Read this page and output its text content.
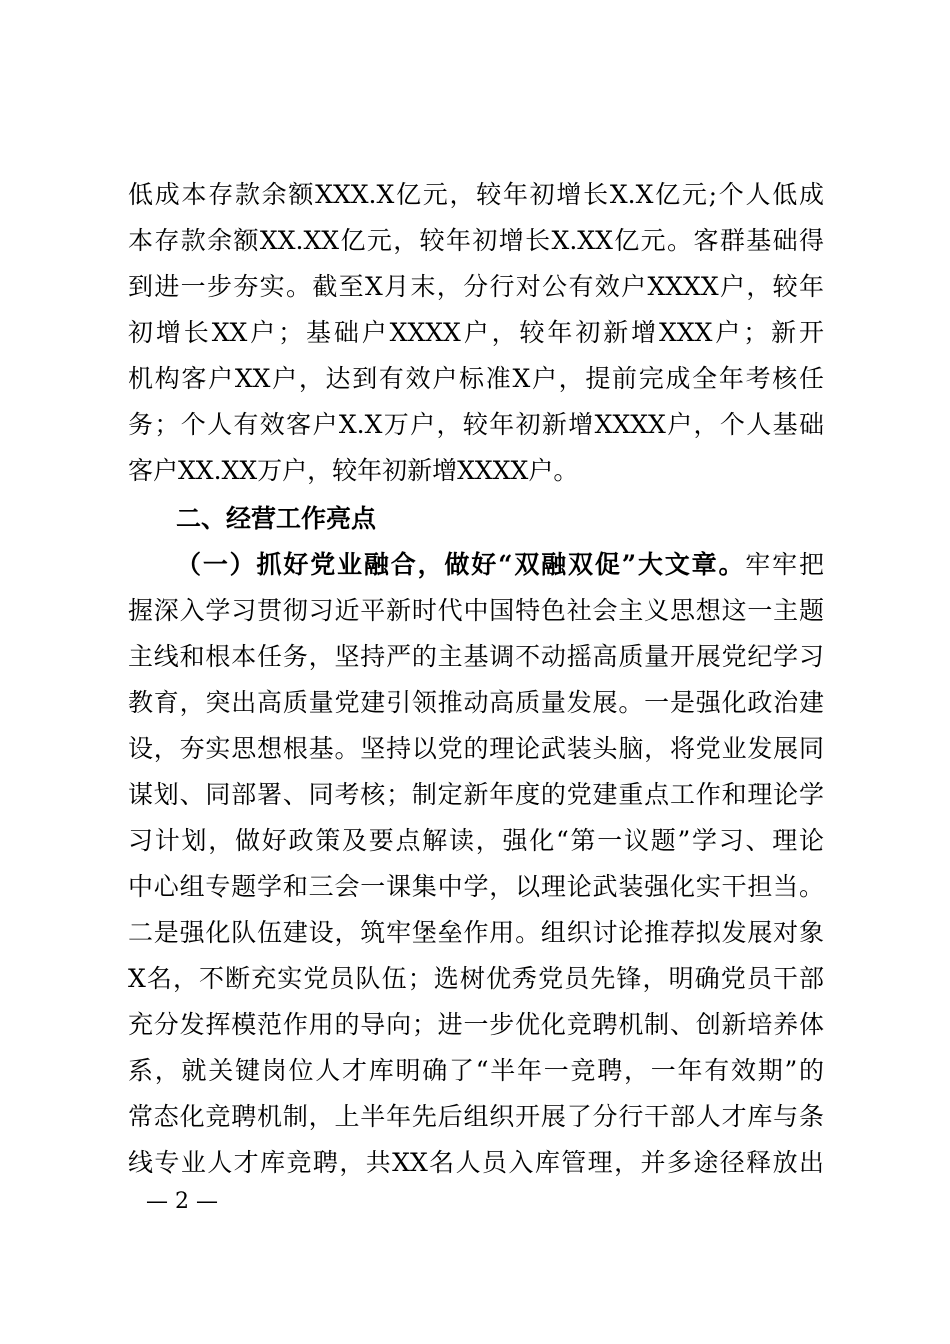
低成本存款余额XXX.X亿元，较年初增长X.X亿元;个人低成
本存款余额XX.XX亿元，较年初增长X.XX亿元。客群基础得
到进一步夯实。截至X月末，分行对公有效户XXXX户，较年
初增长XX户；基础户XXXX户，较年初新增XXX户；新开
机构客户XX户，达到有效户标准X户，提前完成全年考核任
务；个人有效客户X.X万户，较年初新增XXXX户，个人基础
客户XX.XX万户，较年初新增XXXX户。
二、经营工作亮点
（一）抓好党业融合，做好“双融双促”大文章。牢牢把
握深入学习贯彻习近平新时代中国特色社会主义思想这一主题
主线和根本任务，坚持严的主基调不动摇高质量开展党纪学习
教育，突出高质量党建引领推动高质量发展。一是强化政治建
设，夯实思想根基。坚持以党的理论武装头脑，将党业发展同
谋划、同部署、同考核；制定新年度的党建重点工作和理论学
习计划，做好政策及要点解读，强化“第一议题”学习、理论
中心组专题学和三会一课集中学，以理论武装强化实干担当。
二是强化队伍建设，筑牢堡垒作用。组织讨论推荐拟发展对象
X名，不断充实党员队伍；选树优秀党员先锋，明确党员干部
充分发挥模范作用的导向；进一步优化竞聘机制、创新培养体
系，就关键岗位人才库明确了“半年一竞聘，一年有效期”的
常态化竞聘机制，上半年先后组织开展了分行干部人才库与条
线专业人才库竞聘，共XX名人员入库管理，并多途径释放出
— 2 —
